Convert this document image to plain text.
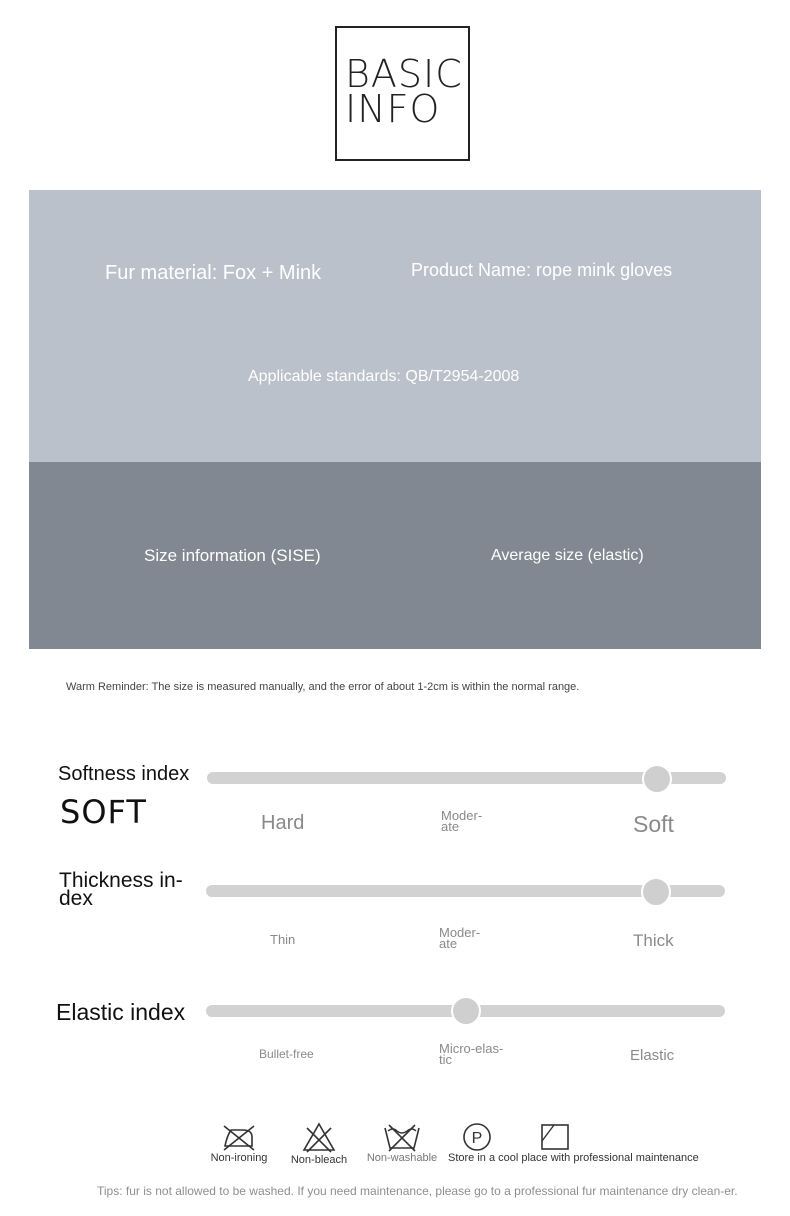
BASIC
INFO
Fur material: Fox + Mink	Product Name: rope mink gloves
Applicable standards: QB/T2954-2008
Size information (SISE)	Average size (elastic)
Warm Reminder: The size is measured manually, and the error of about 1-2cm is within the normal range.
Softness index
SOFT	Hard	Moder-ate	Soft
Thickness in-dex
Thin	Moder-ate	Thick
Elastic index
Bullet-free	Micro-elas-tic	Elastic
Non-ironing	Non-bleach	Non-washable
P
Store in a cool place with professional maintenance
Tips: fur is not allowed to be washed. If you need maintenance, please go to a professional fur maintenance dry clean-er.
